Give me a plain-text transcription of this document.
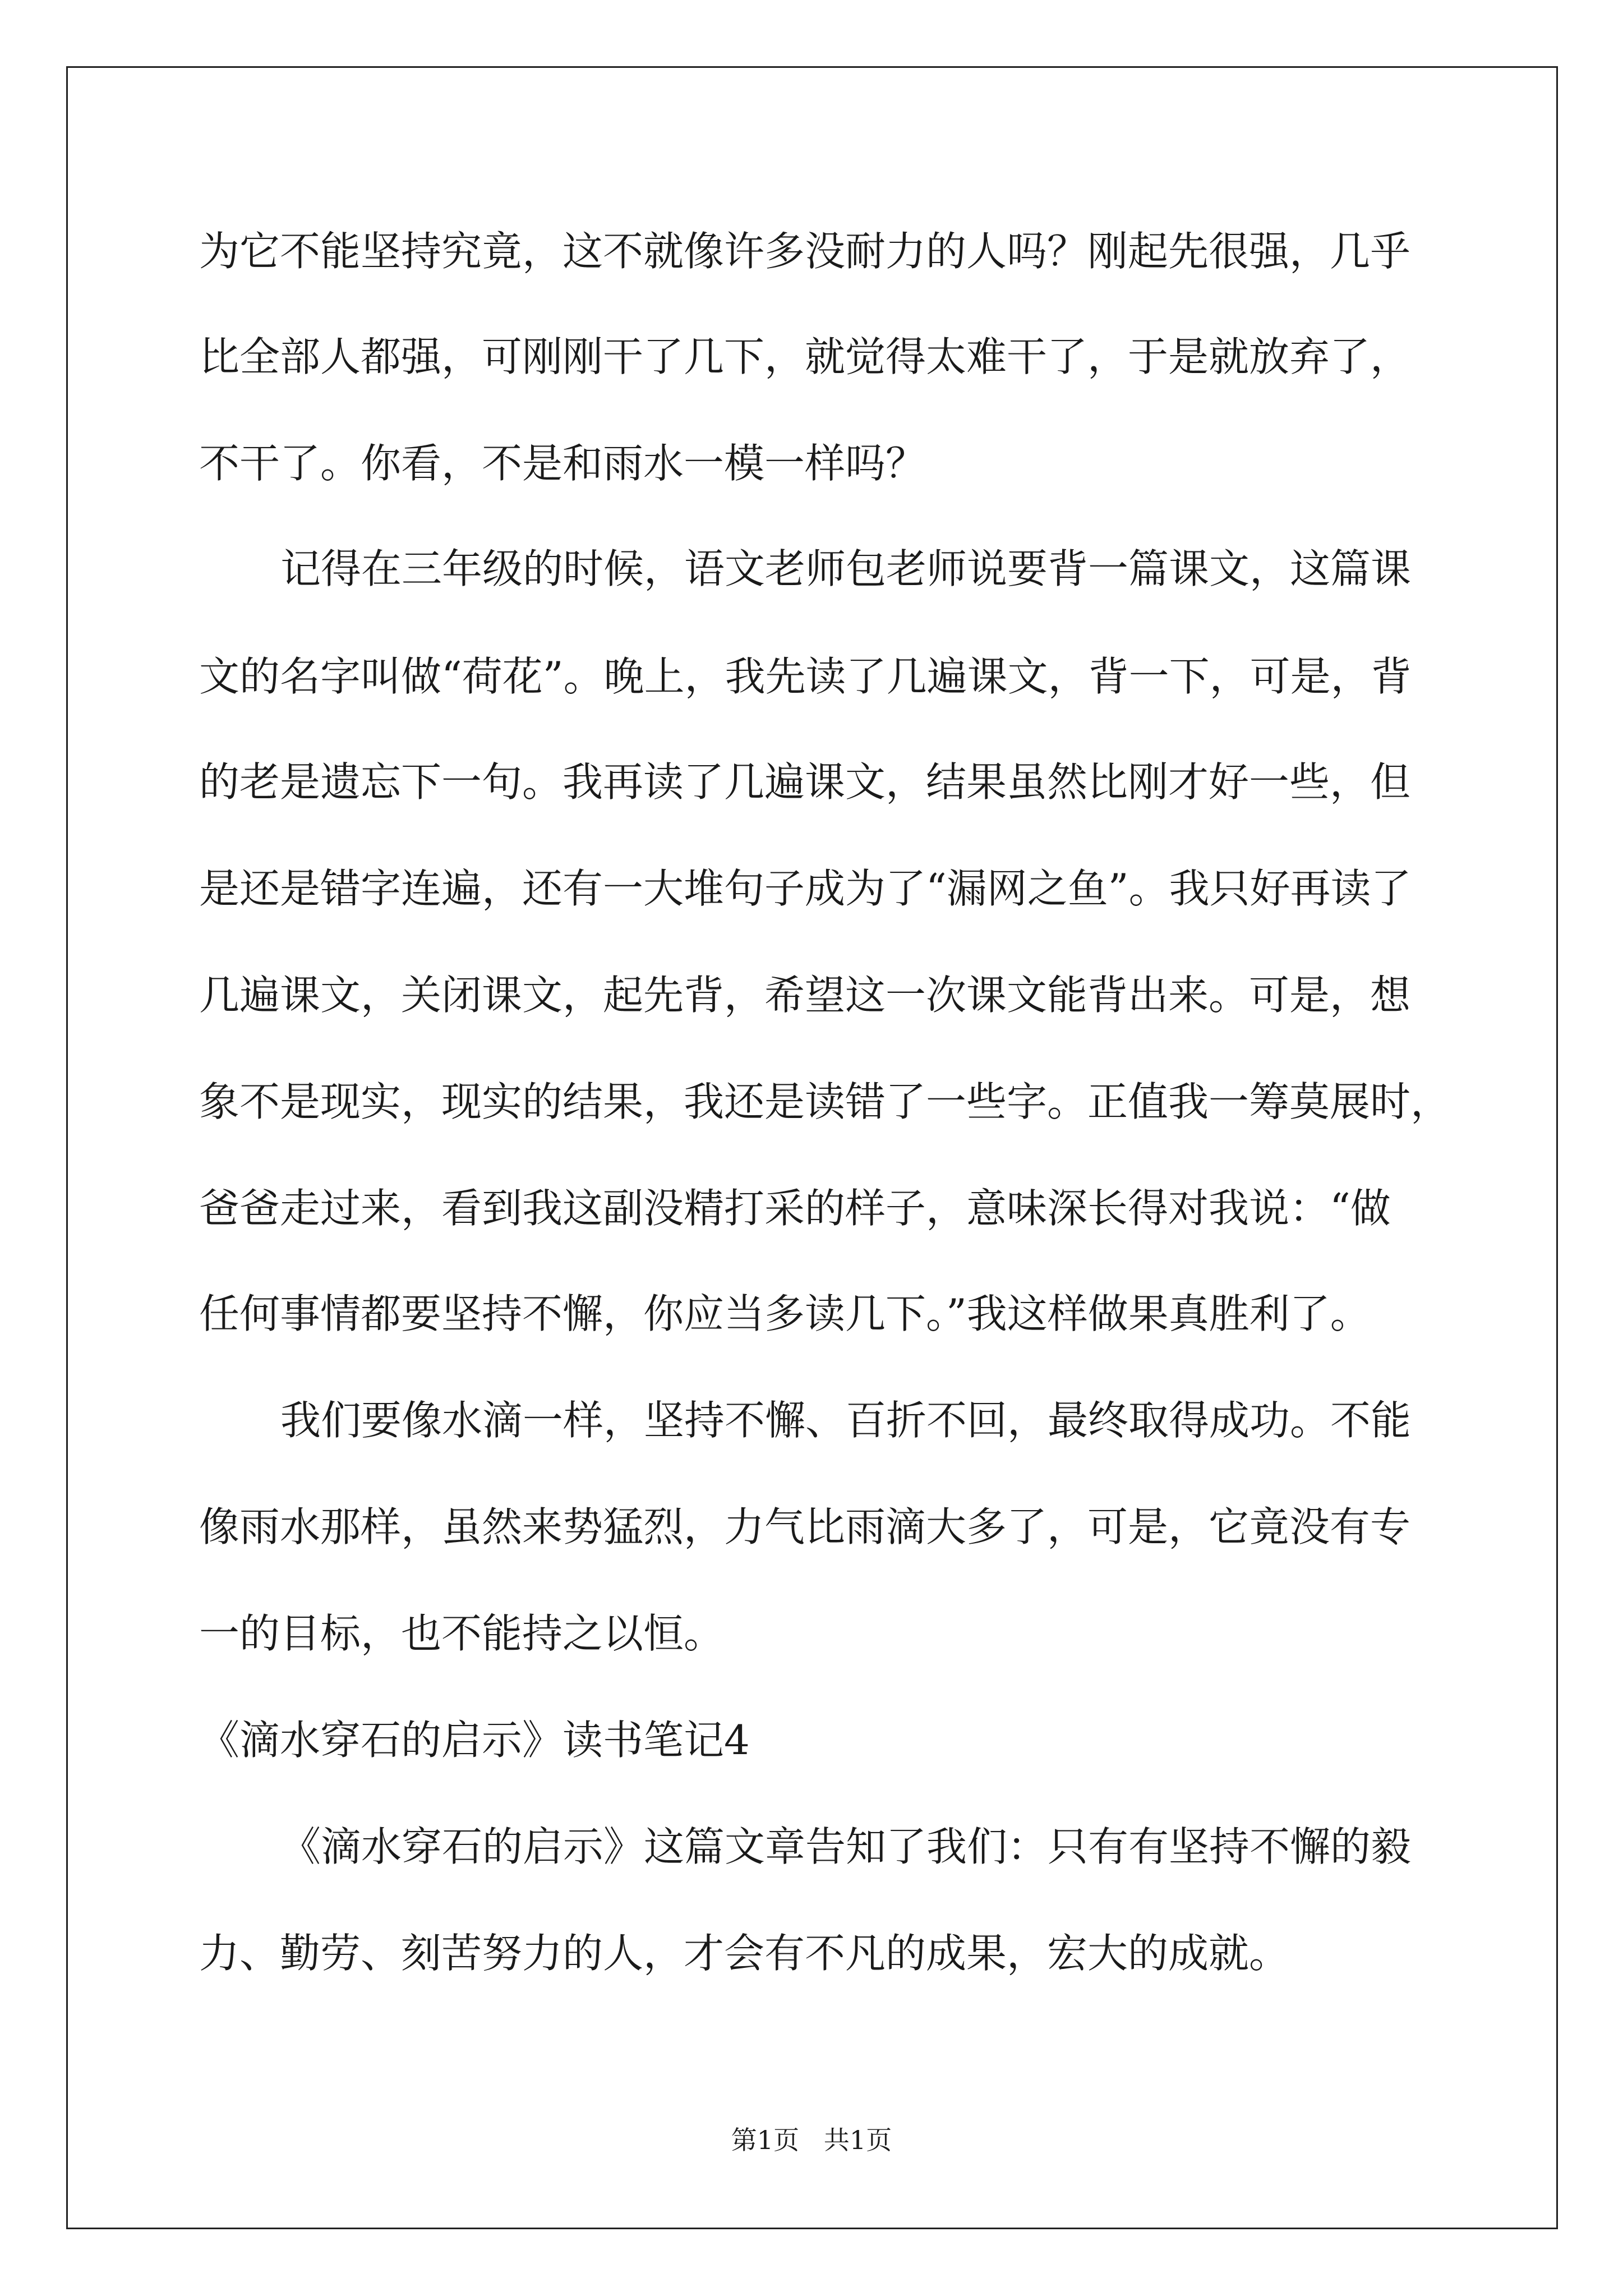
为它不能坚持究竟，这不就像许多没耐力的人吗？刚起先很强，几乎
比全部人都强，可刚刚干了几下，就觉得太难干了，于是就放弃了，
不干了。你看，不是和雨水一模一样吗？
记得在三年级的时候，语文老师包老师说要背一篇课文，这篇课
文的名字叫做“荷花”。晚上，我先读了几遍课文，背一下，可是，背
的老是遗忘下一句。我再读了几遍课文，结果虽然比刚才好一些，但
是还是错字连遍，还有一大堆句子成为了“漏网之鱼”。我只好再读了
几遍课文，关闭课文，起先背，希望这一次课文能背出来。可是，想
象不是现实，现实的结果，我还是读错了一些字。正值我一筹莫展时，
爸爸走过来，看到我这副没精打采的样子，意味深长得对我说：“做
任何事情都要坚持不懈，你应当多读几下。”我这样做果真胜利了。
我们要像水滴一样，坚持不懈、百折不回，最终取得成功。不能
像雨水那样，虽然来势猛烈，力气比雨滴大多了，可是，它竟没有专
一的目标，也不能持之以恒。
《滴水穿石的启示》读书笔记4
《滴水穿石的启示》这篇文章告知了我们：只有有坚持不懈的毅
力、勤劳、刻苦努力的人，才会有不凡的成果，宏大的成就。
第1页   共1页
